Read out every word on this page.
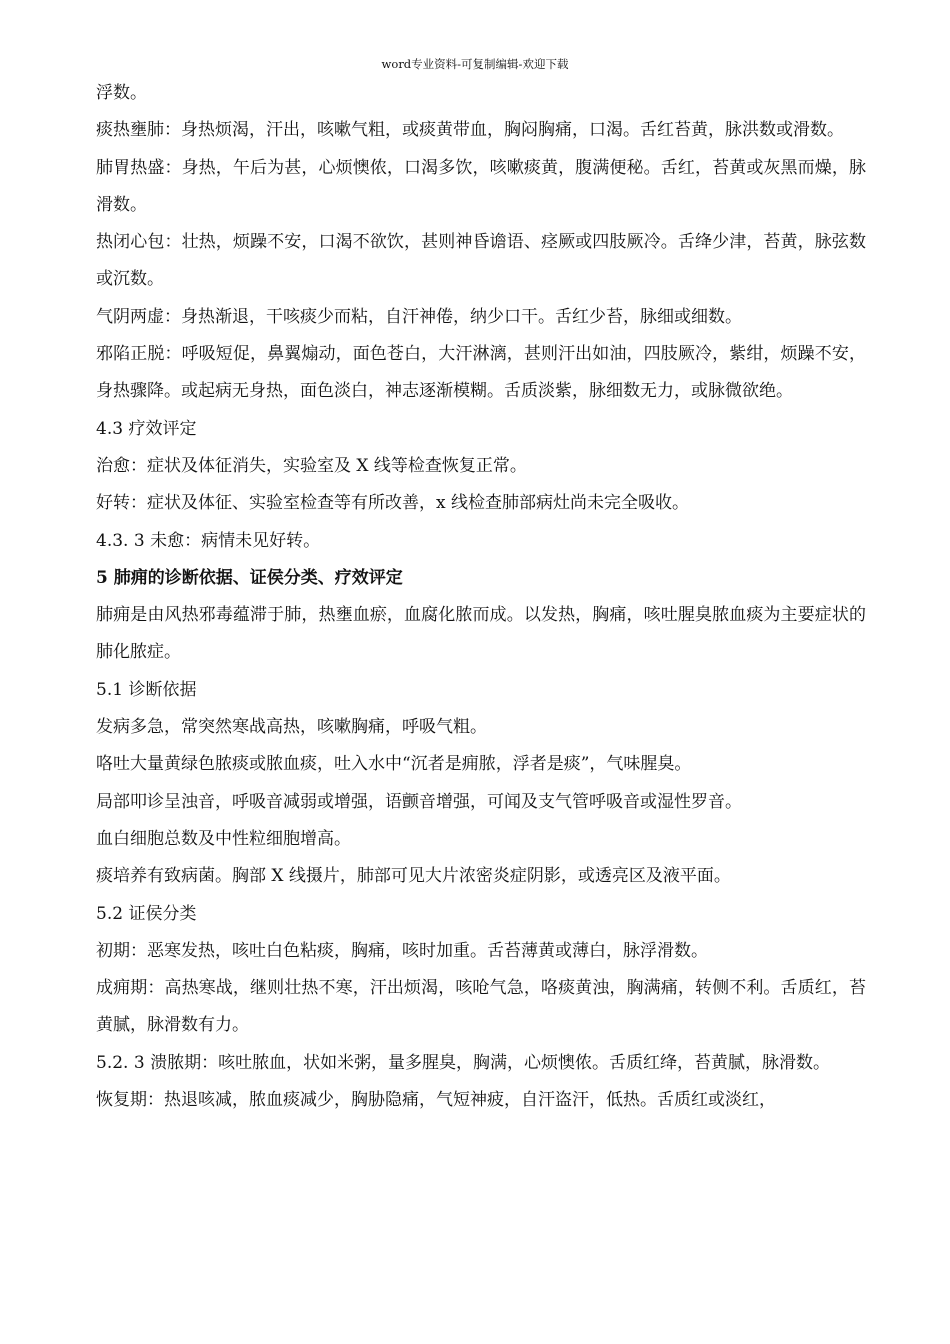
word专业资料-可复制编辑-欢迎下载

浮数。

痰热壅肺：身热烦渴，汗出，咳嗽气粗，或痰黄带血，胸闷胸痛，口渴。舌红苔黄，脉洪数或滑数。

肺胃热盛：身热，午后为甚，心烦懊侬，口渴多饮，咳嗽痰黄，腹满便秘。舌红，苔黄或灰黑而燥，脉滑数。

热闭心包：壮热，烦躁不安，口渴不欲饮，甚则神昏谵语、痉厥或四肢厥冷。舌绛少津，苔黄，脉弦数或沉数。

气阴两虚：身热渐退，干咳痰少而粘，自汗神倦，纳少口干。舌红少苔，脉细或细数。

邪陷正脱：呼吸短促，鼻翼煽动，面色苍白，大汗淋漓，甚则汗出如油，四肢厥冷，紫绀，烦躁不安，身热骤降。或起病无身热，面色淡白，神志逐渐模糊。舌质淡紫，脉细数无力，或脉微欲绝。

4.3 疗效评定

治愈：症状及体征消失，实验室及 X 线等检查恢复正常。

好转：症状及体征、实验室检查等有所改善，x 线检查肺部病灶尚未完全吸收。

4.3. 3 未愈：病情未见好转。

5 肺痈的诊断依据、证侯分类、疗效评定

肺痈是由风热邪毒蕴滞于肺，热壅血瘀，血腐化脓而成。以发热，胸痛，咳吐腥臭脓血痰为主要症状的肺化脓症。

5.1 诊断依据

发病多急，常突然寒战高热，咳嗽胸痛，呼吸气粗。

咯吐大量黄绿色脓痰或脓血痰，吐入水中“沉者是痈脓，浮者是痰”，气味腥臭。

局部叩诊呈浊音，呼吸音减弱或增强，语颤音增强，可闻及支气管呼吸音或湿性罗音。

血白细胞总数及中性粒细胞增高。

痰培养有致病菌。胸部 X 线摄片，肺部可见大片浓密炎症阴影，或透亮区及液平面。

5.2 证侯分类

初期：恶寒发热，咳吐白色粘痰，胸痛，咳时加重。舌苔薄黄或薄白，脉浮滑数。

成痈期：高热寒战，继则壮热不寒，汗出烦渴，咳呛气急，咯痰黄浊，胸满痛，转侧不利。舌质红，苔黄腻，脉滑数有力。

5.2. 3 溃脓期：咳吐脓血，状如米粥，量多腥臭，胸满，心烦懊侬。舌质红绛，苔黄腻，脉滑数。

恢复期：热退咳减，脓血痰减少，胸胁隐痛，气短神疲，自汗盗汗，低热。舌质红或淡红，
